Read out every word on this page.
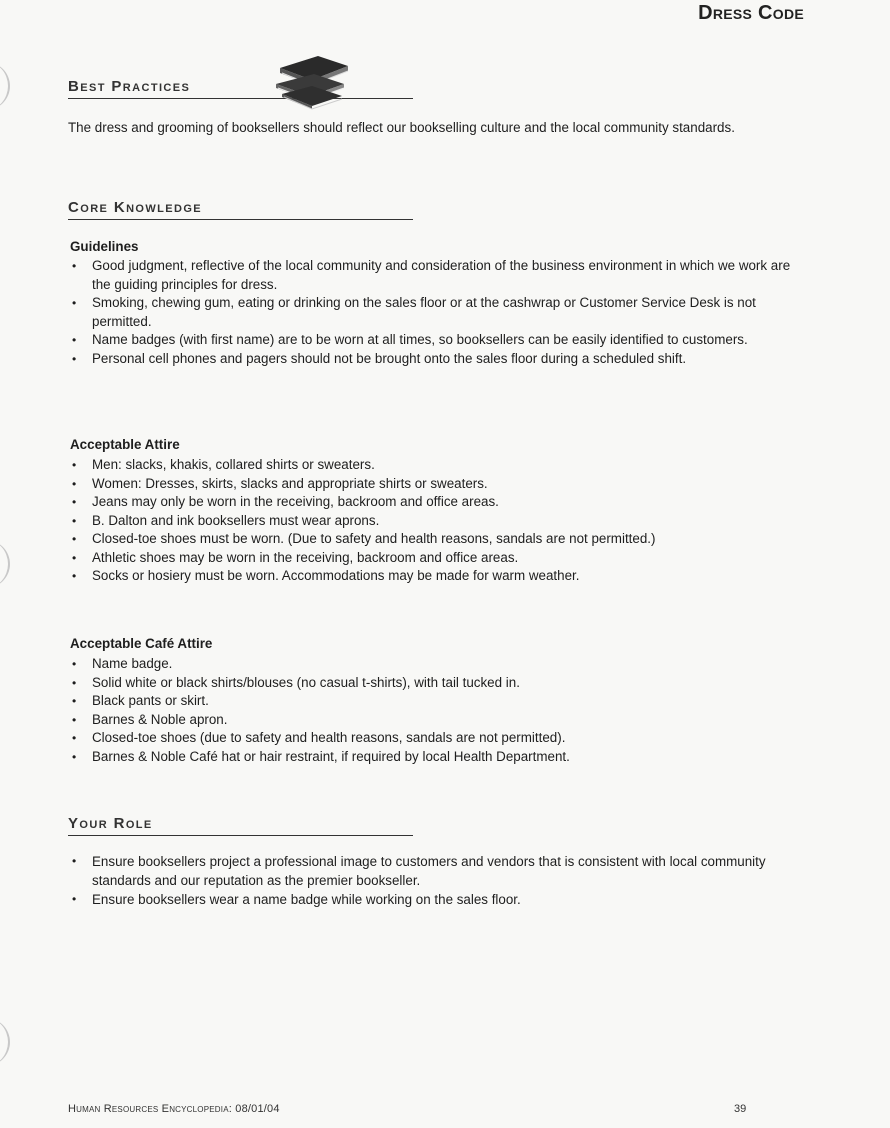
Dress Code
Best Practices

The dress and grooming of booksellers should reflect our bookselling culture and the local community standards.

Core Knowledge
Guidelines
• Good judgment, reflective of the local community and consideration of the business environment in which we work are the guiding principles for dress.
• Smoking, chewing gum, eating or drinking on the sales floor or at the cashwrap or Customer Service Desk is not permitted.
• Name badges (with first name) are to be worn at all times, so booksellers can be easily identified to customers.
• Personal cell phones and pagers should not be brought onto the sales floor during a scheduled shift.
Acceptable Attire
• Men: slacks, khakis, collared shirts or sweaters.
• Women: Dresses, skirts, slacks and appropriate shirts or sweaters.
• Jeans may only be worn in the receiving, backroom and office areas.
• B. Dalton and ink booksellers must wear aprons.
• Closed-toe shoes must be worn. (Due to safety and health reasons, sandals are not permitted.)
• Athletic shoes may be worn in the receiving, backroom and office areas.
• Socks or hosiery must be worn. Accommodations may be made for warm weather.
Acceptable Café Attire
• Name badge.
• Solid white or black shirts/blouses (no casual t-shirts), with tail tucked in.
• Black pants or skirt.
• Barnes & Noble apron.
• Closed-toe shoes (due to safety and health reasons, sandals are not permitted).
• Barnes & Noble Café hat or hair restraint, if required by local Health Department.
Your Role
• Ensure booksellers project a professional image to customers and vendors that is consistent with local community standards and our reputation as the premier bookseller.
• Ensure booksellers wear a name badge while working on the sales floor.
Human Resources Encyclopedia: 08/01/04	39
